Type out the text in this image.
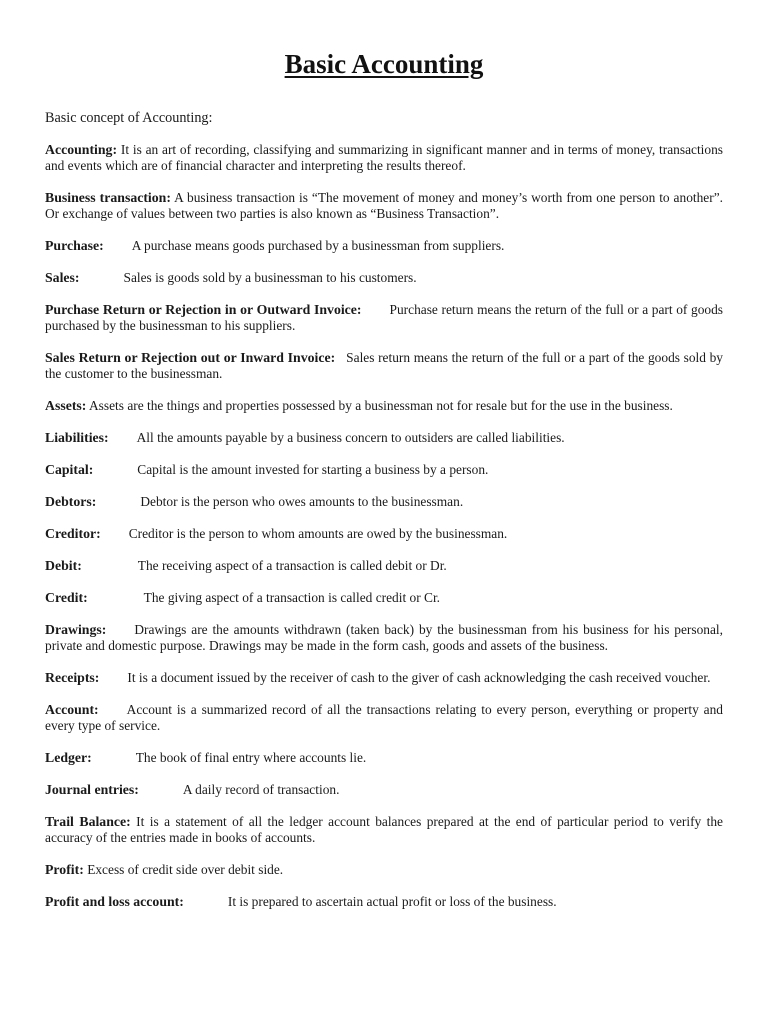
Basic Accounting
Basic concept of Accounting:

Accounting: It is an art of recording, classifying and summarizing in significant manner and in terms of money, transactions and events which are of financial character and interpreting the results thereof.

Business transaction: A business transaction is “The movement of money and money’s worth from one person to another”. Or exchange of values between two parties is also known as “Business Transaction”.

Purchase: A purchase means goods purchased by a businessman from suppliers.

Sales:	Sales is goods sold by a businessman to his customers.

Purchase Return or Rejection in or Outward Invoice: Purchase return means the return of the full or a part of goods purchased by the businessman to his suppliers.

Sales Return or Rejection out or Inward Invoice: Sales return means the return of the full or a part of the goods sold by the customer to the businessman.

Assets: Assets are the things and properties possessed by a businessman not for resale but for the use in the business.

Liabilities: All the amounts payable by a business concern to outsiders are called liabilities.

Capital:	Capital is the amount invested for starting a business by a person.

Debtors:	Debtor is the person who owes amounts to the businessman.

Creditor: Creditor is the person to whom amounts are owed by the businessman.

Debit:	The receiving aspect of a transaction is called debit or Dr.

Credit:	The giving aspect of a transaction is called credit or Cr.

Drawings: Drawings are the amounts withdrawn (taken back) by the businessman from his business for his personal, private and domestic purpose. Drawings may be made in the form cash, goods and assets of the business.

Receipts: It is a document issued by the receiver of cash to the giver of cash acknowledging the cash received voucher.

Account: Account is a summarized record of all the transactions relating to every person, everything or property and every type of service.

Ledger:	The book of final entry where accounts lie.

Journal entries:	A daily record of transaction.

Trail Balance: It is a statement of all the ledger account balances prepared at the end of particular period to verify the accuracy of the entries made in books of accounts.

Profit: Excess of credit side over debit side.

Profit and loss account:	It is prepared to ascertain actual profit or loss of the business.
